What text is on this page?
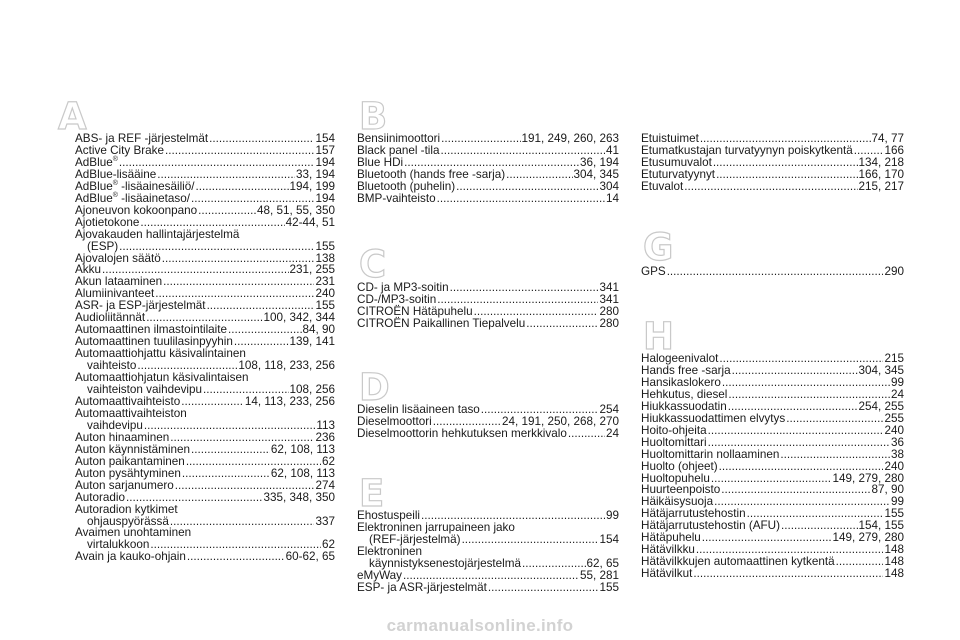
A
ABS- ja REF -järjestelmät .....	154
Active City Brake .....	157
AdBlue® .....	194
AdBlue-lisääine .....	33, 194
AdBlue® -lisäainesäiliö/ .....	194, 199
AdBlue® -lisäainetaso/ .....	194
Ajoneuvon kokoonpano .....	48, 51, 55, 350
Ajotietokone .....	42-44, 51
Ajovakauden hallintajärjestelmä
(ESP) .....	155
Ajovalojen säätö .....	138
Akku .....	231, 255
Akun lataaminen .....	231
Alumiinivanteet .....	240
ASR- ja ESP-järjestelmät .....	155
Audioliitännät .....	100, 342, 344
Automaattinen ilmastointilaite .....	84, 90
Automaattinen tuulilasinpyyhin .....	139, 141
Automaattiohjattu käsivalintainen
vaihteisto .....	108, 118, 233, 256
Automaattiohjatun käsivalintaisen
vaihteiston vaihdevipu .....	108, 256
Automaattivaihteisto .....	14, 113, 233, 256
Automaattivaihteiston
vaihdevipu .....	113
Auton hinaaminen .....	236
Auton käynnistäminen .....	62, 108, 113
Auton paikantaminen .....	62
Auton pysähtyminen .....	62, 108, 113
Auton sarjanumero .....	274
Autoradio .....	335, 348, 350
Autoradion kytkimet
ohjauspyörässä .....	337
Avaimen unohtaminen
virtalukkoon .....	62
Avain ja kauko-ohjain .....	60-62, 65
B
Bensiinimoottori .....	191, 249, 260, 263
Black panel -tila .....	41
Blue HDi .....	36, 194
Bluetooth (hands free -sarja) .....	304, 345
Bluetooth (puhelin) .....	304
BMP-vaihteisto .....	14
C
CD- ja MP3-soitin .....	341
CD-/MP3-soitin .....	341
CITROËN Hätäpuhelu .....	280
CITROËN Paikallinen Tiepalvelu .....	280
D
Dieselin lisäaineen taso .....	254
Dieselmoottori .....	24, 191, 250, 268, 270
Dieselmoottorin hehkutuksen merkkivalo .....	24
E
Ehostuspeili .....	99
Elektroninen jarrupaineen jako
(REF-järjestelmä) .....	154
Elektroninen
käynnistyksenestojärjestelmä .....	62, 65
eMyWay .....	55, 281
ESP- ja ASR-järjestelmät .....	155
Etuistuimet .....	74, 77
Etumatkustajan turvatyynyn poiskytkentä .....	166
Etusumuvalot .....	134, 218
Etuturvatyynyt .....	166, 170
Etuvalot .....	215, 217
G
GPS .....	290
H
Halogeenivalot .....	215
Hands free -sarja .....	304, 345
Hansikaslokero .....	99
Hehkutus, diesel .....	24
Hiukkassuodatin .....	254, 255
Hiukkassuodattimen elvytys .....	255
Hoito-ohjeita .....	240
Huoltomittari .....	36
Huoltomittarin nollaaminen .....	38
Huolto (ohjeet) .....	240
Huoltopuhelu .....	149, 279, 280
Huurteenpoisto .....	87, 90
Häikäisysuoja .....	99
Hätäjarrutustehostin .....	155
Hätäjarrutustehostin (AFU) .....	154, 155
Hätäpuhelu .....	149, 279, 280
Hätävilkku .....	148
Hätävilkkujen automaattinen kytkentä .....	148
Hätävilkut .....	148
carmanualsonline.info
